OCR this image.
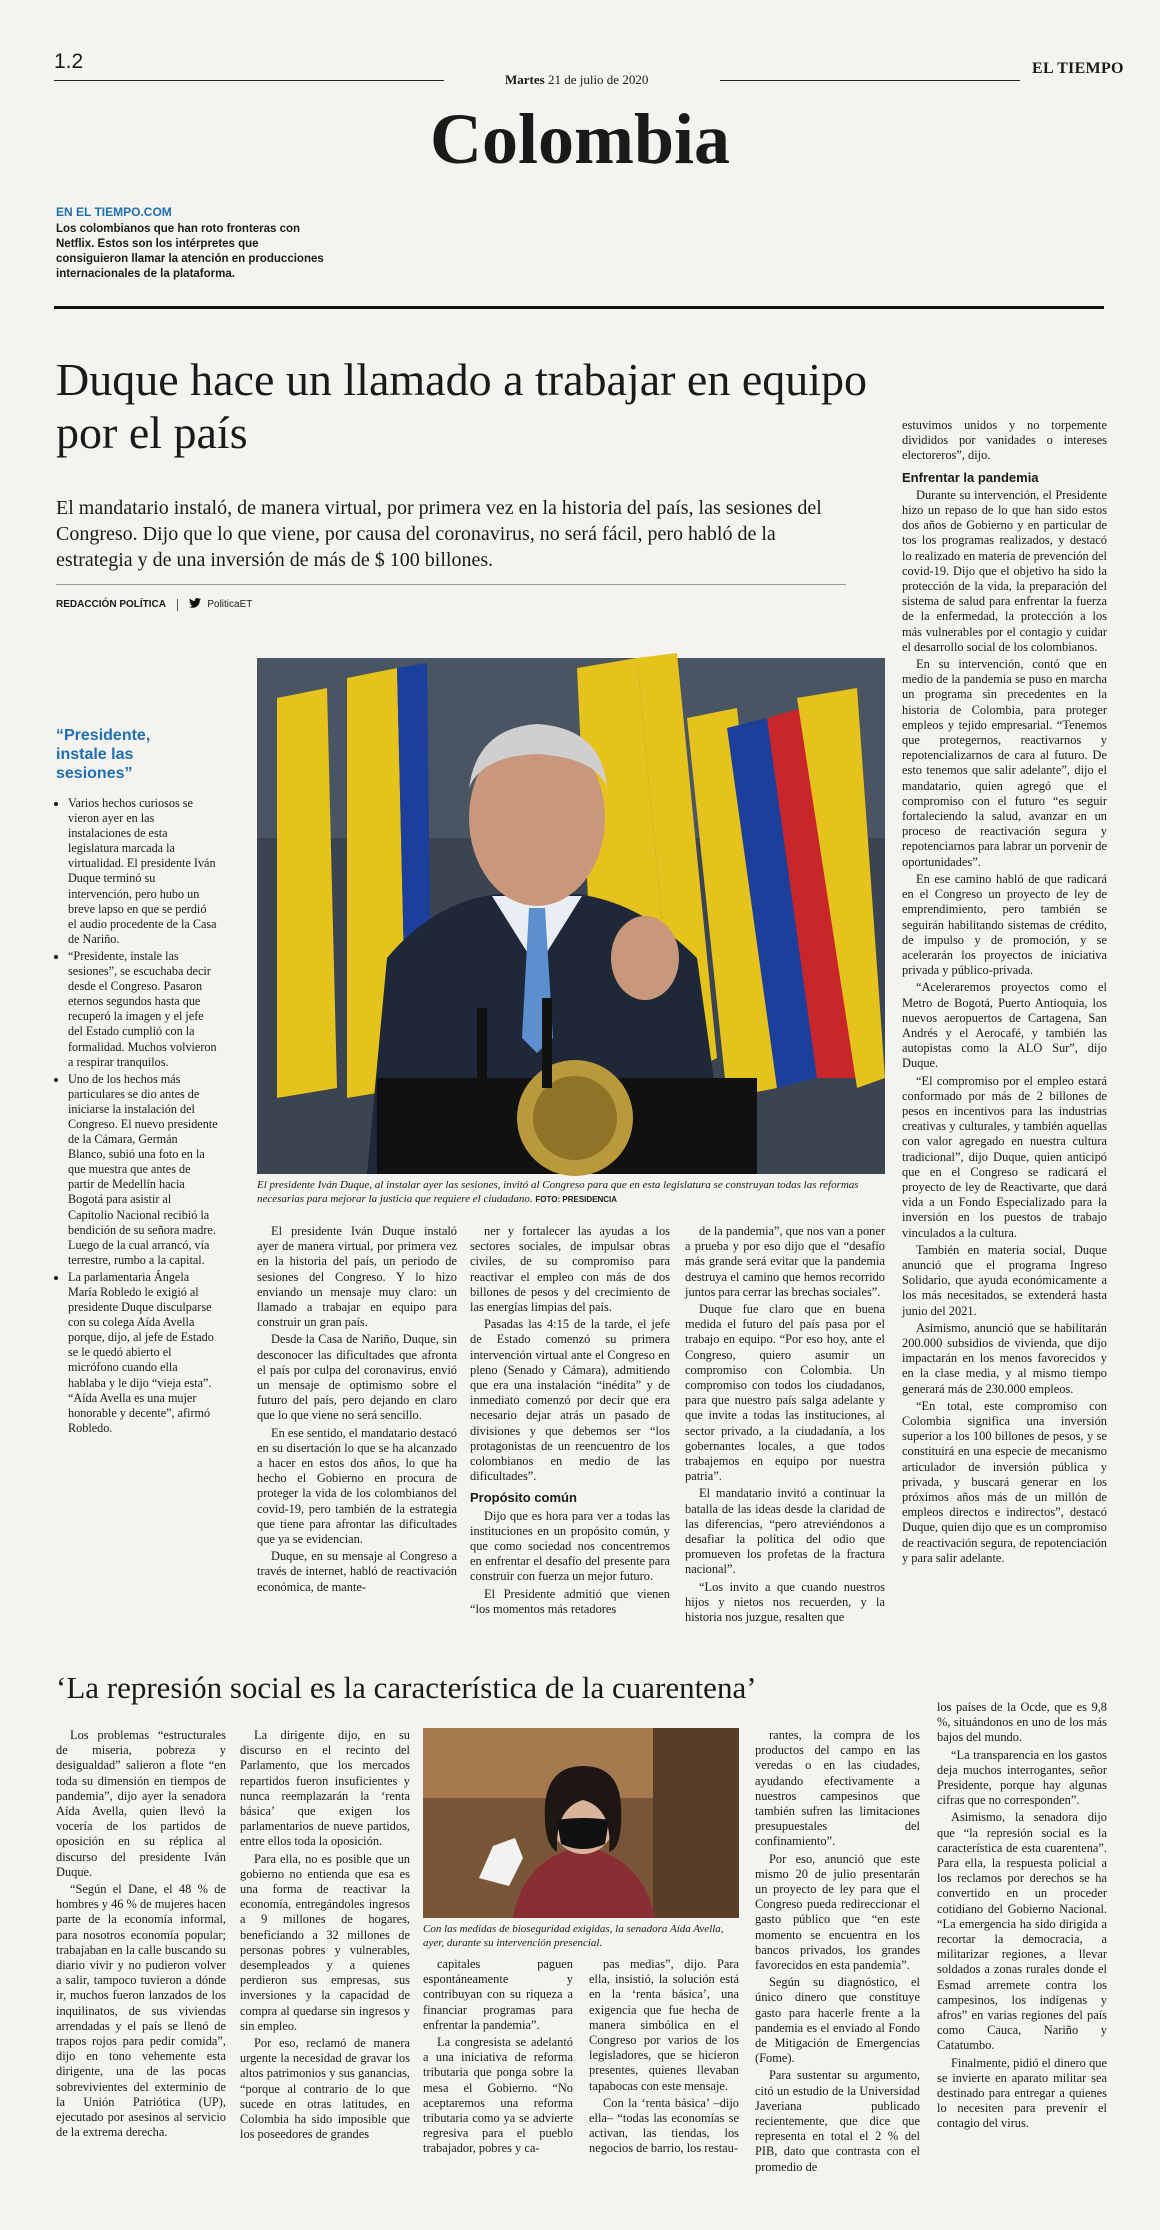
1.2
Martes 21 de julio de 2020
EL TIEMPO
Colombia
EN EL TIEMPO.COM
Los colombianos que han roto fronteras con Netflix. Estos son los intérpretes que consiguieron llamar la atención en producciones internacionales de la plataforma.
Duque hace un llamado a trabajar en equipo por el país
El mandatario instaló, de manera virtual, por primera vez en la historia del país, las sesiones del Congreso. Dijo que lo que viene, por causa del coronavirus, no será fácil, pero habló de la estrategia y de una inversión de más de $ 100 billones.
REDACCIÓN POLÍTICA	PoliticaET
El presidente Iván Duque, al instalar ayer las sesiones, invitó al Congreso para que en esta legislatura se construyan todas las reformas necesarias para mejorar la justicia que requiere el ciudadano. FOTO: PRESIDENCIA
“Presidente, instale las sesiones”
• Varios hechos curiosos se vieron ayer en las instalaciones de esta legislatura marcada la virtualidad. El presidente Iván Duque terminó su intervención, pero hubo un breve lapso en que se perdió el audio procedente de la Casa de Nariño.
• “Presidente, instale las sesiones”, se escuchaba decir desde el Congreso. Pasaron eternos segundos hasta que recuperó la imagen y el jefe del Estado cumplió con la formalidad. Muchos volvieron a respirar tranquilos.
• Uno de los hechos más particulares se dio antes de iniciarse la instalación del Congreso. El nuevo presidente de la Cámara, Germán Blanco, subió una foto en la que muestra que antes de partir de Medellín hacia Bogotá para asistir al Capitolio Nacional recibió la bendición de su señora madre. Luego de la cual arrancó, vía terrestre, rumbo a la capital.
• La parlamentaria Ángela María Robledo le exigió al presidente Duque disculparse con su colega Aída Avella porque, dijo, al jefe de Estado se le quedó abierto el micrófono cuando ella hablaba y le dijo “vieja esta”. “Aída Avella es una mujer honorable y decente”, afirmó Robledo.

El presidente Iván Duque instaló ayer de manera virtual, por primera vez en la historia del país, un periodo de sesiones del Congreso. Y lo hizo enviando un mensaje muy claro: un llamado a trabajar en equipo para construir un gran país.

Desde la Casa de Nariño, Duque, sin desconocer las dificultades que afronta el país por culpa del coronavirus, envió un mensaje de optimismo sobre el futuro del país, pero dejando en claro que lo que viene no será sencillo.

En ese sentido, el mandatario destacó en su disertación lo que se ha alcanzado a hacer en estos dos años, lo que ha hecho el Gobierno en procura de proteger la vida de los colombianos del covid-19, pero también de la estrategia que tiene para afrontar las dificultades que ya se evidencian.

Duque, en su mensaje al Congreso a través de internet, habló de reactivación económica, de mante-

ner y fortalecer las ayudas a los sectores sociales, de impulsar obras civiles, de su compromiso para reactivar el empleo con más de dos billones de pesos y del crecimiento de las energías limpias del país.

Pasadas las 4:15 de la tarde, el jefe de Estado comenzó su primera intervención virtual ante el Congreso en pleno (Senado y Cámara), admitiendo que era una instalación “inédita” y de inmediato comenzó por decir que era necesario dejar atrás un pasado de divisiones y que debemos ser “los protagonistas de un reencuentro de los colombianos en medio de las dificultades”.

Propósito común

Dijo que es hora para ver a todas las instituciones en un propósito común, y que como sociedad nos concentremos en enfrentar el desafío del presente para construir con fuerza un mejor futuro.

El Presidente admitió que vienen “los momentos más retadores

de la pandemia”, que nos van a poner a prueba y por eso dijo que el “desafío más grande será evitar que la pandemia destruya el camino que hemos recorrido juntos para cerrar las brechas sociales”.

Duque fue claro que en buena medida el futuro del país pasa por el trabajo en equipo. “Por eso hoy, ante el Congreso, quiero asumir un compromiso con Colombia. Un compromiso con todos los ciudadanos, para que nuestro país salga adelante y que invite a todas las instituciones, al sector privado, a la ciudadanía, a los gobernantes locales, a que todos trabajemos en equipo por nuestra patria”.

El mandatario invitó a continuar la batalla de las ideas desde la claridad de las diferencias, “pero atreviéndonos a desafiar la política del odio que promueven los profetas de la fractura nacional”.

“Los invito a que cuando nuestros hijos y nietos nos recuerden, y la historia nos juzgue, resalten que

estuvimos unidos y no torpemente divididos por vanidades o intereses electoreros”, dijo.

Enfrentar la pandemia

Durante su intervención, el Presidente hizo un repaso de lo que han sido estos dos años de Gobierno y en particular de tos los programas realizados, y destacó lo realizado en materia de prevención del covid-19. Dijo que el objetivo ha sido la protección de la vida, la preparación del sistema de salud para enfrentar la fuerza de la enfermedad, la protección a los más vulnerables por el contagio y cuidar el desarrollo social de los colombianos.

En su intervención, contó que en medio de la pandemia se puso en marcha un programa sin precedentes en la historia de Colombia, para proteger empleos y tejido empresarial. “Tenemos que protegernos, reactivarnos y repotencializarnos de cara al futuro. De esto tenemos que salir adelante”, dijo el mandatario, quien agregó que el compromiso con el futuro “es seguir fortaleciendo la salud, avanzar en un proceso de reactivación segura y repotenciarnos para labrar un porvenir de oportunidades”.

En ese camino habló de que radicará en el Congreso un proyecto de ley de emprendimiento, pero también se seguirán habilitando sistemas de crédito, de impulso y de promoción, y se acelerarán los proyectos de iniciativa privada y público-privada.

“Aceleraremos proyectos como el Metro de Bogotá, Puerto Antioquia, los nuevos aeropuertos de Cartagena, San Andrés y el Aerocafé, y también las autopistas como la ALO Sur”, dijo Duque.

“El compromiso por el empleo estará conformado por más de 2 billones de pesos en incentivos para las industrias creativas y culturales, y también aquellas con valor agregado en nuestra cultura tradicional”, dijo Duque, quien anticipó que en el Congreso se radicará el proyecto de ley de Reactivarte, que dará vida a un Fondo Especializado para la inversión en los puestos de trabajo vinculados a la cultura.

También en materia social, Duque anunció que el programa Ingreso Solidario, que ayuda económicamente a los más necesitados, se extenderá hasta junio del 2021.

Asimismo, anunció que se habilitarán 200.000 subsidios de vivienda, que dijo impactarán en los menos favorecidos y en la clase media, y al mismo tiempo generará más de 230.000 empleos.

“En total, este compromiso con Colombia significa una inversión superior a los 100 billones de pesos, y se constituirá en una especie de mecanismo articulador de inversión pública y privada, y buscará generar en los próximos años más de un millón de empleos directos e indirectos”, destacó Duque, quien dijo que es un compromiso de reactivación segura, de repotenciación y para salir adelante.

‘La represión social es la característica de la cuarentena’

Los problemas “estructurales de miseria, pobreza y desigualdad” salieron a flote “en toda su dimensión en tiempos de pandemia”, dijo ayer la senadora Aída Avella, quien llevó la vocería de los partidos de oposición en su réplica al discurso del presidente Iván Duque.

“Según el Dane, el 48 % de hombres y 46 % de mujeres hacen parte de la economía informal, para nosotros economía popular; trabajaban en la calle buscando su diario vivir y no pudieron volver a salir, tampoco tuvieron a dónde ir, muchos fueron lanzados de los inquilinatos, de sus viviendas arrendadas y el país se llenó de trapos rojos para pedir comida”, dijo en tono vehemente esta dirigente, una de las pocas sobrevivientes del exterminio de la Unión Patriótica (UP), ejecutado por asesinos al servicio de la extrema derecha.

La dirigente dijo, en su discurso en el recinto del Parlamento, que los mercados repartidos fueron insuficientes y nunca reemplazarán la ‘renta básica’ que exigen los parlamentarios de nueve partidos, entre ellos toda la oposición.

Para ella, no es posible que un gobierno no entienda que esa es una forma de reactivar la economía, entregándoles ingresos a 9 millones de hogares, beneficiando a 32 millones de personas pobres y vulnerables, desempleados y a quienes perdieron sus empresas, sus inversiones y la capacidad de compra al quedarse sin ingresos y sin empleo.

Por eso, reclamó de manera urgente la necesidad de gravar los altos patrimonios y sus ganancias, “porque al contrario de lo que sucede en otras latitudes, en Colombia ha sido imposible que los poseedores de grandes

Con las medidas de bioseguridad exigidas, la senadora Aída Avella, ayer, durante su intervención presencial.

capitales paguen espontáneamente y contribuyan con su riqueza a financiar programas para enfrentar la pandemia”.

La congresista se adelantó a una iniciativa de reforma tributaria que ponga sobre la mesa el Gobierno. “No aceptaremos una reforma tributaria como ya se advierte regresiva para el pueblo trabajador, pobres y ca-

pas medias”, dijo. Para ella, insistió, la solución está en la ‘renta básica’, una exigencia que fue hecha de manera simbólica en el Congreso por varios de los legisladores, que se hicieron presentes, quienes llevaban tapabocas con este mensaje.

Con la ‘renta básica’ –dijo ella– “todas las economías se activan, las tiendas, los negocios de barrio, los restau-

rantes, la compra de los productos del campo en las veredas o en las ciudades, ayudando efectivamente a nuestros campesinos que también sufren las limitaciones presupuestales del confinamiento”.

Por eso, anunció que este mismo 20 de julio presentarán un proyecto de ley para que el Congreso pueda redireccionar el gasto público que “en este momento se encuentra en los bancos privados, los grandes favorecidos en esta pandemia”.

Según su diagnóstico, el único dinero que constituye gasto para hacerle frente a la pandemia es el enviado al Fondo de Mitigación de Emergencias (Fome).

Para sustentar su argumento, citó un estudio de la Universidad Javeriana publicado recientemente, que dice que representa en total el 2 % del PIB, dato que contrasta con el promedio de

los países de la Ocde, que es 9,8 %, situándonos en uno de los más bajos del mundo.

“La transparencia en los gastos deja muchos interrogantes, señor Presidente, porque hay algunas cifras que no corresponden”.

Asimismo, la senadora dijo que “la represión social es la característica de esta cuarentena”. Para ella, la respuesta policial a los reclamos por derechos se ha convertido en un proceder cotidiano del Gobierno Nacional. “La emergencia ha sido dirigida a recortar la democracia, a militarizar regiones, a llevar soldados a zonas rurales donde el Esmad arremete contra los campesinos, los indígenas y afros” en varias regiones del país como Cauca, Nariño y Catatumbo.

Finalmente, pidió el dinero que se invierte en aparato militar sea destinado para entregar a quienes lo necesiten para prevenir el contagio del virus.
